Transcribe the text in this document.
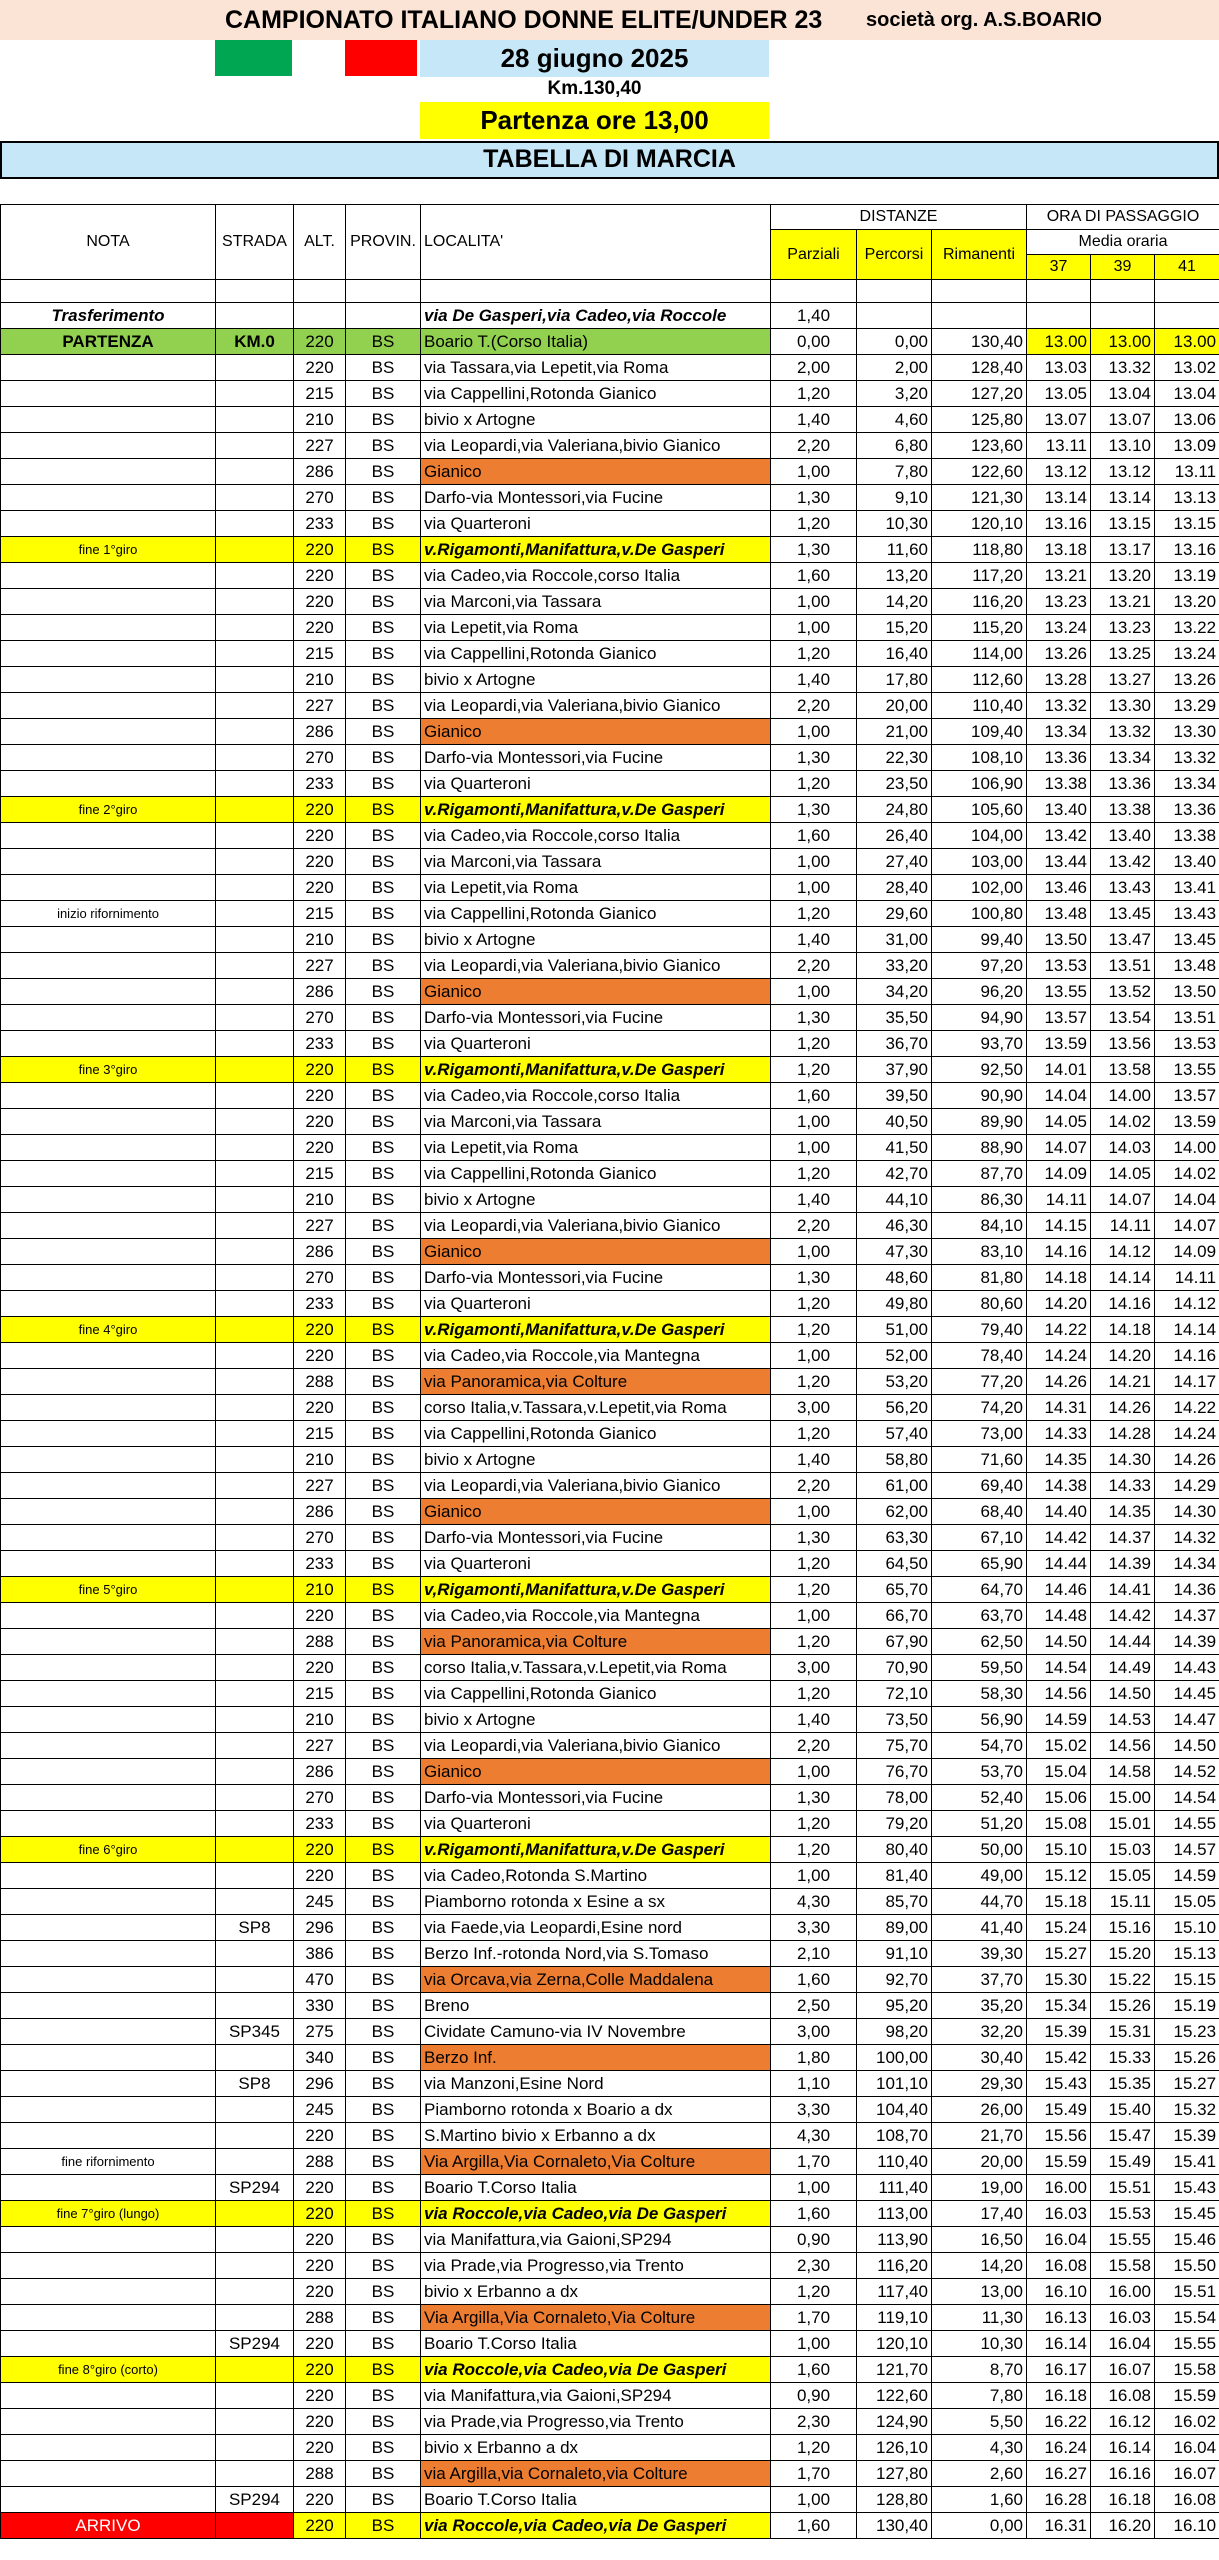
CAMPIONATO ITALIANO DONNE ELITE/UNDER 23 società org. A.S.BOARIO
28 giugno 2025
Km.130,40
Partenza ore 13,00
TABELLA DI MARCIA
NOTA	STRADA	ALT.	PROVIN.	LOCALITA'	DISTANZE			ORA DI PASSAGGIO		
					Parziali	Percorsi	Rimanenti	Media oraria		
								37	39	41

Trasferimento				via De Gasperi,via Cadeo,via Roccole	1,40					
PARTENZA	KM.0	220	BS	Boario T.(Corso Italia)	0,00	0,00	130,40	13.00	13.00	13.00
		220	BS	via Tassara,via Lepetit,via Roma	2,00	2,00	128,40	13.03	13.32	13.02
		215	BS	via Cappellini,Rotonda Gianico	1,20	3,20	127,20	13.05	13.04	13.04
		210	BS	bivio x Artogne	1,40	4,60	125,80	13.07	13.07	13.06
		227	BS	via Leopardi,via Valeriana,bivio Gianico	2,20	6,80	123,60	13.11	13.10	13.09
		286	BS	Gianico	1,00	7,80	122,60	13.12	13.12	13.11
		270	BS	Darfo-via Montessori,via Fucine	1,30	9,10	121,30	13.14	13.14	13.13
		233	BS	via Quarteroni	1,20	10,30	120,10	13.16	13.15	13.15
fine 1°giro		220	BS	v.Rigamonti,Manifattura,v.De Gasperi	1,30	11,60	118,80	13.18	13.17	13.16
		220	BS	via Cadeo,via Roccole,corso Italia	1,60	13,20	117,20	13.21	13.20	13.19
		220	BS	via Marconi,via Tassara	1,00	14,20	116,20	13.23	13.21	13.20
		220	BS	via Lepetit,via Roma	1,00	15,20	115,20	13.24	13.23	13.22
		215	BS	via Cappellini,Rotonda Gianico	1,20	16,40	114,00	13.26	13.25	13.24
		210	BS	bivio x Artogne	1,40	17,80	112,60	13.28	13.27	13.26
		227	BS	via Leopardi,via Valeriana,bivio Gianico	2,20	20,00	110,40	13.32	13.30	13.29
		286	BS	Gianico	1,00	21,00	109,40	13.34	13.32	13.30
		270	BS	Darfo-via Montessori,via Fucine	1,30	22,30	108,10	13.36	13.34	13.32
		233	BS	via Quarteroni	1,20	23,50	106,90	13.38	13.36	13.34
fine 2°giro		220	BS	v.Rigamonti,Manifattura,v.De Gasperi	1,30	24,80	105,60	13.40	13.38	13.36
		220	BS	via Cadeo,via Roccole,corso Italia	1,60	26,40	104,00	13.42	13.40	13.38
		220	BS	via Marconi,via Tassara	1,00	27,40	103,00	13.44	13.42	13.40
		220	BS	via Lepetit,via Roma	1,00	28,40	102,00	13.46	13.43	13.41
inizio rifornimento		215	BS	via Cappellini,Rotonda Gianico	1,20	29,60	100,80	13.48	13.45	13.43
		210	BS	bivio x Artogne	1,40	31,00	99,40	13.50	13.47	13.45
		227	BS	via Leopardi,via Valeriana,bivio Gianico	2,20	33,20	97,20	13.53	13.51	13.48
		286	BS	Gianico	1,00	34,20	96,20	13.55	13.52	13.50
		270	BS	Darfo-via Montessori,via Fucine	1,30	35,50	94,90	13.57	13.54	13.51
		233	BS	via Quarteroni	1,20	36,70	93,70	13.59	13.56	13.53
fine 3°giro		220	BS	v.Rigamonti,Manifattura,v.De Gasperi	1,20	37,90	92,50	14.01	13.58	13.55
		220	BS	via Cadeo,via Roccole,corso Italia	1,60	39,50	90,90	14.04	14.00	13.57
		220	BS	via Marconi,via Tassara	1,00	40,50	89,90	14.05	14.02	13.59
		220	BS	via Lepetit,via Roma	1,00	41,50	88,90	14.07	14.03	14.00
		215	BS	via Cappellini,Rotonda Gianico	1,20	42,70	87,70	14.09	14.05	14.02
		210	BS	bivio x Artogne	1,40	44,10	86,30	14.11	14.07	14.04
		227	BS	via Leopardi,via Valeriana,bivio Gianico	2,20	46,30	84,10	14.15	14.11	14.07
		286	BS	Gianico	1,00	47,30	83,10	14.16	14.12	14.09
		270	BS	Darfo-via Montessori,via Fucine	1,30	48,60	81,80	14.18	14.14	14.11
		233	BS	via Quarteroni	1,20	49,80	80,60	14.20	14.16	14.12
fine 4°giro		220	BS	v.Rigamonti,Manifattura,v.De Gasperi	1,20	51,00	79,40	14.22	14.18	14.14
		220	BS	via Cadeo,via Roccole,via Mantegna	1,00	52,00	78,40	14.24	14.20	14.16
		288	BS	via Panoramica,via Colture	1,20	53,20	77,20	14.26	14.21	14.17
		220	BS	corso Italia,v.Tassara,v.Lepetit,via Roma	3,00	56,20	74,20	14.31	14.26	14.22
		215	BS	via Cappellini,Rotonda Gianico	1,20	57,40	73,00	14.33	14.28	14.24
		210	BS	bivio x Artogne	1,40	58,80	71,60	14.35	14.30	14.26
		227	BS	via Leopardi,via Valeriana,bivio Gianico	2,20	61,00	69,40	14.38	14.33	14.29
		286	BS	Gianico	1,00	62,00	68,40	14.40	14.35	14.30
		270	BS	Darfo-via Montessori,via Fucine	1,30	63,30	67,10	14.42	14.37	14.32
		233	BS	via Quarteroni	1,20	64,50	65,90	14.44	14.39	14.34
fine 5°giro		210	BS	v,Rigamonti,Manifattura,v.De Gasperi	1,20	65,70	64,70	14.46	14.41	14.36
		220	BS	via Cadeo,via Roccole,via Mantegna	1,00	66,70	63,70	14.48	14.42	14.37
		288	BS	via Panoramica,via Colture	1,20	67,90	62,50	14.50	14.44	14.39
		220	BS	corso Italia,v.Tassara,v.Lepetit,via Roma	3,00	70,90	59,50	14.54	14.49	14.43
		215	BS	via Cappellini,Rotonda Gianico	1,20	72,10	58,30	14.56	14.50	14.45
		210	BS	bivio x Artogne	1,40	73,50	56,90	14.59	14.53	14.47
		227	BS	via Leopardi,via Valeriana,bivio Gianico	2,20	75,70	54,70	15.02	14.56	14.50
		286	BS	Gianico	1,00	76,70	53,70	15.04	14.58	14.52
		270	BS	Darfo-via Montessori,via Fucine	1,30	78,00	52,40	15.06	15.00	14.54
		233	BS	via Quarteroni	1,20	79,20	51,20	15.08	15.01	14.55
fine 6°giro		220	BS	v.Rigamonti,Manifattura,v.De Gasperi	1,20	80,40	50,00	15.10	15.03	14.57
		220	BS	via Cadeo,Rotonda S.Martino	1,00	81,40	49,00	15.12	15.05	14.59
		245	BS	Piamborno rotonda x Esine a sx	4,30	85,70	44,70	15.18	15.11	15.05
	SP8	296	BS	via Faede,via Leopardi,Esine nord	3,30	89,00	41,40	15.24	15.16	15.10
		386	BS	Berzo Inf.-rotonda Nord,via S.Tomaso	2,10	91,10	39,30	15.27	15.20	15.13
		470	BS	via Orcava,via Zerna,Colle Maddalena	1,60	92,70	37,70	15.30	15.22	15.15
		330	BS	Breno	2,50	95,20	35,20	15.34	15.26	15.19
	SP345	275	BS	Cividate Camuno-via IV Novembre	3,00	98,20	32,20	15.39	15.31	15.23
		340	BS	Berzo Inf.	1,80	100,00	30,40	15.42	15.33	15.26
	SP8	296	BS	via Manzoni,Esine Nord	1,10	101,10	29,30	15.43	15.35	15.27
		245	BS	Piamborno rotonda x Boario a dx	3,30	104,40	26,00	15.49	15.40	15.32
		220	BS	S.Martino bivio x Erbanno a dx	4,30	108,70	21,70	15.56	15.47	15.39
fine rifornimento		288	BS	Via Argilla,Via Cornaleto,Via Colture	1,70	110,40	20,00	15.59	15.49	15.41
	SP294	220	BS	Boario T.Corso Italia	1,00	111,40	19,00	16.00	15.51	15.43
fine 7°giro (lungo)		220	BS	via Roccole,via Cadeo,via De Gasperi	1,60	113,00	17,40	16.03	15.53	15.45
		220	BS	via Manifattura,via Gaioni,SP294	0,90	113,90	16,50	16.04	15.55	15.46
		220	BS	via Prade,via Progresso,via Trento	2,30	116,20	14,20	16.08	15.58	15.50
		220	BS	bivio x Erbanno a dx	1,20	117,40	13,00	16.10	16.00	15.51
		288	BS	Via Argilla,Via Cornaleto,Via Colture	1,70	119,10	11,30	16.13	16.03	15.54
	SP294	220	BS	Boario T.Corso Italia	1,00	120,10	10,30	16.14	16.04	15.55
fine 8°giro (corto)		220	BS	via Roccole,via Cadeo,via De Gasperi	1,60	121,70	8,70	16.17	16.07	15.58
		220	BS	via Manifattura,via Gaioni,SP294	0,90	122,60	7,80	16.18	16.08	15.59
		220	BS	via Prade,via Progresso,via Trento	2,30	124,90	5,50	16.22	16.12	16.02
		220	BS	bivio x Erbanno a dx	1,20	126,10	4,30	16.24	16.14	16.04
		288	BS	via Argilla,via Cornaleto,via Colture	1,70	127,80	2,60	16.27	16.16	16.07
	SP294	220	BS	Boario T.Corso Italia	1,00	128,80	1,60	16.28	16.18	16.08
ARRIVO		220	BS	via Roccole,via Cadeo,via De Gasperi	1,60	130,40	0,00	16.31	16.20	16.10
